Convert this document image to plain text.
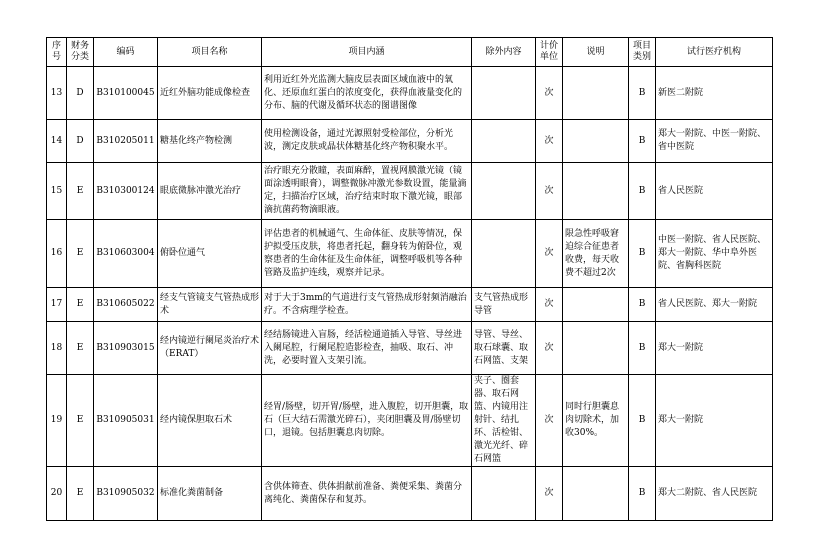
序号	财务分类	编码	项目名称	项目内涵	除外内容	计价单位	说明	项目类别	试行医疗机构
13	D	B310100045	近红外脑功能成像检查	利用近红外光监测大脑皮层表面区域血液中的氧化、还原血红蛋白的浓度变化，获得血液量变化的分布、脑的代谢及循环状态的图谱图像		次		B	新医二附院
14	D	B310205011	糖基化终产物检测	使用检测设备，通过光源照射受检部位，分析光波，测定皮肤或晶状体糖基化终产物积聚水平。		次		B	郑大一附院、中医一附院、省中医院
15	E	B310300124	眼底微脉冲激光治疗	治疗眼充分散瞳，表面麻醉，置视网膜激光镜（镜面涂透明眼膏），调整微脉冲激光参数设置，能量滴定，扫描治疗区域，治疗结束时取下激光镜，眼部滴抗菌药物滴眼液。		次		B	省人民医院
16	E	B310603004	俯卧位通气	评估患者的机械通气、生命体征、皮肤等情况，保护拟受压皮肤，将患者托起，翻身转为俯卧位，观察患者的生命体征及生命体征，调整呼吸机等各种管路及监护连线，观察并记录。		次	限急性呼吸窘迫综合征患者收费，每天收费不超过2次	B	中医一附院、省人民医院、郑大一附院、华中阜外医院、省胸科医院
17	E	B310605022	经支气管镜支气管热成形术	对于大于3mm的气道进行支气管热成形射频消融治疗。不含病理学检查。	支气管热成形导管	次		B	省人民医院、郑大一附院
18	E	B310903015	经内镜逆行阑尾炎治疗术（ERAT）	经结肠镜进入盲肠，经活检通道插入导管、导丝进入阑尾腔，行阑尾腔造影检查，抽吸、取石、冲洗，必要时置入支架引流。	导管、导丝、取石球囊、取石网篮、支架	次		B	郑大一附院
19	E	B310905031	经内镜保胆取石术	经胃/肠壁，切开胃/肠壁，进入腹腔，切开胆囊，取石（巨大结石需激光碎石），夹闭胆囊及胃/肠壁切口，退镜。包括胆囊息肉切除。	夹子、圈套器、取石网篮、内镜用注射针、结扎环、活检钳、激光光纤、碎石网篮	次	同时行胆囊息肉切除术，加收30%。	B	郑大一附院
20	E	B310905032	标准化粪菌制备	含供体筛查、供体捐献前准备、粪便采集、粪菌分离纯化、粪菌保存和复苏。		次		B	郑大二附院、省人民医院
